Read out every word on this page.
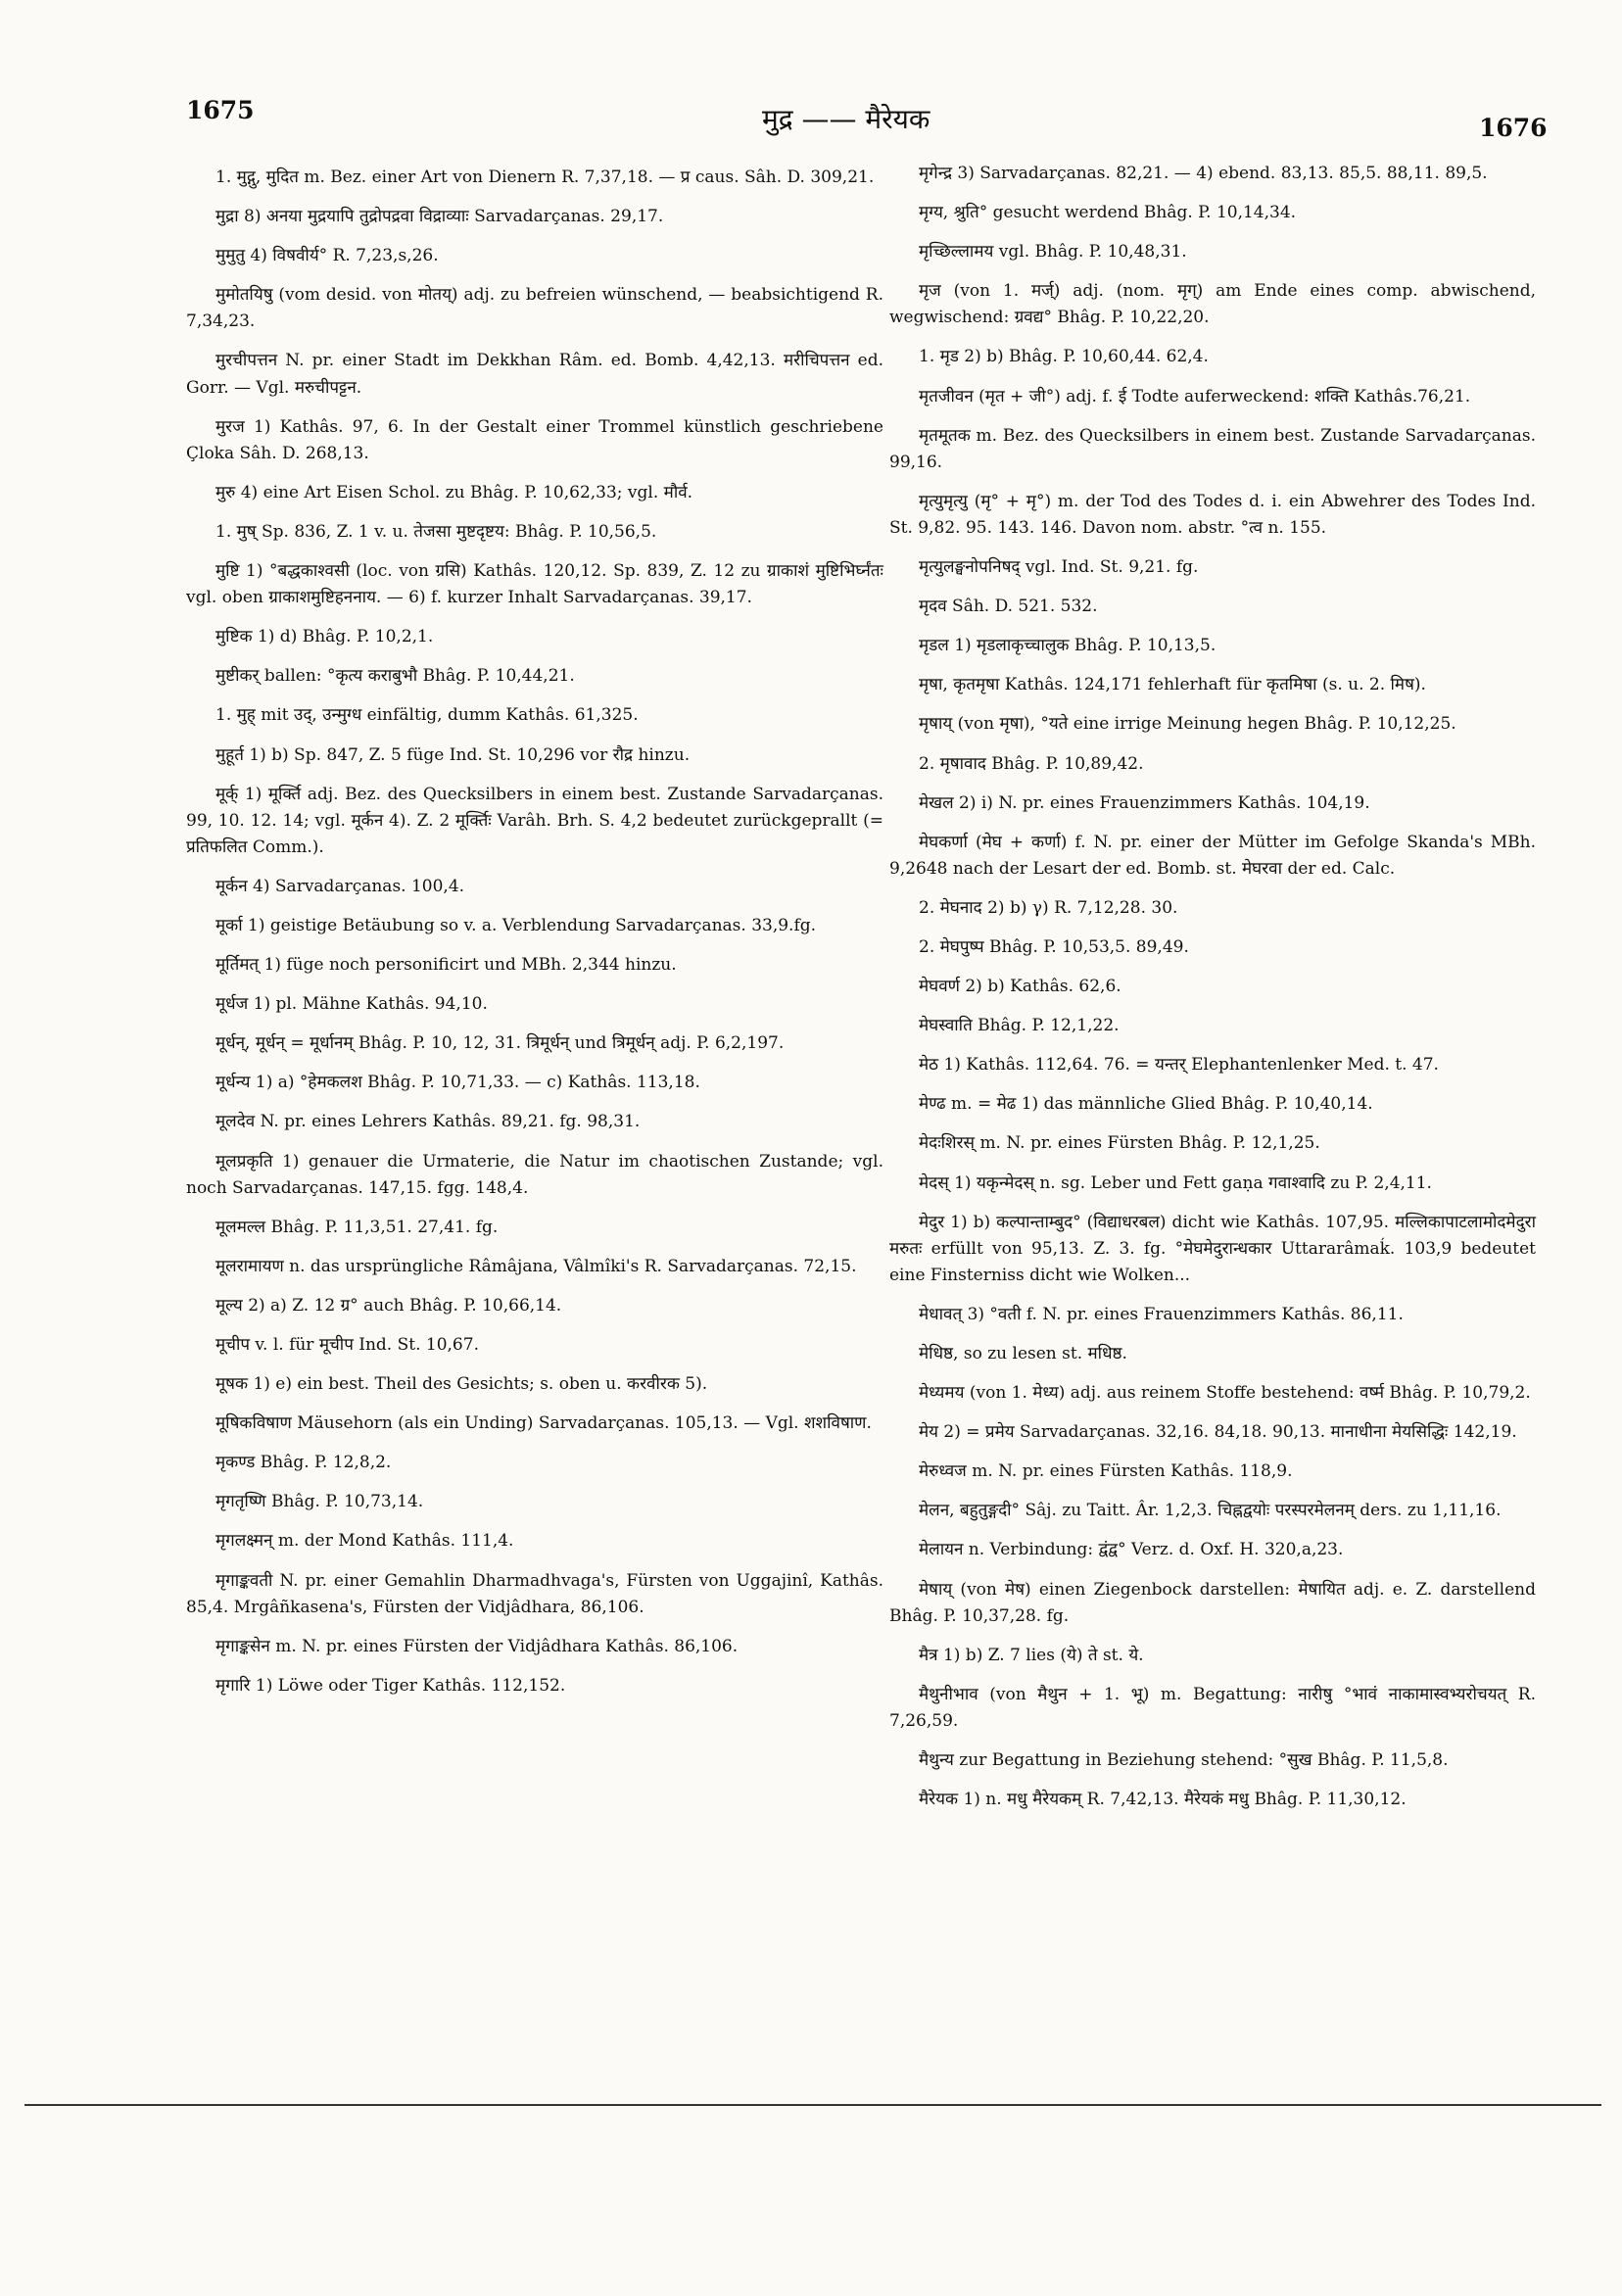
1675	मुद्र —— मैरेयक	1676
1. मुद्गु, मुदित m. Bez. einer Art von Dienern R. 7,37,18. — प्र caus. Sâh. D. 309,21.
मुद्रा 8) अनया मुद्रयापि तुद्रोपद्रवा विद्राव्याः Sarvadarçanas. 29,17.
मुमुतु 4) विषवीर्य° R. 7,23,s,26.
मुमोतयिषु (vom desid. von मोतय्) adj. zu befreien wünschend, — beabsichtigend R. 7,34,23.
मुरचीपत्तन N. pr. einer Stadt im Dekkhan Râm. ed. Bomb. 4,42,13. मरीचिपत्तन ed. Gorr. — Vgl. मरुचीपट्टन.
मुरज 1) Kathâs. 97, 6. In der Gestalt einer Trommel künstlich geschriebene Çloka Sâh. D. 268,13.
मुरु 4) eine Art Eisen Schol. zu Bhâg. P. 10,62,33; vgl. मौर्व.
1. मुष् Sp. 836, Z. 1 v. u. तेजसा मुष्टदृष्टय: Bhâg. P. 10,56,5.
मुष्टि 1) °बद्धकाश्वसी (loc. von ग्रसि) Kathâs. 120,12. Sp. 839, Z. 12 zu ग्राकाशं मुष्टिभिर्घ्नंतः vgl. oben ग्राकाशमुष्टिहननाय. — 6) f. kurzer Inhalt Sarvadarçanas. 39,17.
मुष्टिक 1) d) Bhâg. P. 10,2,1.
मुष्टीकर् ballen: °कृत्य कराबुभौ Bhâg. P. 10,44,21.
1. मुह् mit उद्, उन्मुग्ध einfältig, dumm Kathâs. 61,325.
मुहूर्त 1) b) Sp. 847, Z. 5 füge Ind. St. 10,296 vor रौद्र hinzu.
मूर्क् 1) मूर्क्ति adj. Bez. des Quecksilbers in einem best. Zustande Sarvadarçanas. 99, 10. 12. 14; vgl. मूर्कन 4). Z. 2 मूर्क्तिः Varâh. Brh. S. 4,2 bedeutet zurückgeprallt (= प्रतिफलित Comm.).
मूर्कन 4) Sarvadarçanas. 100,4.
मूर्का 1) geistige Betäubung so v. a. Verblendung Sarvadarçanas. 33,9.fg.
मूर्तिमत् 1) füge noch personificirt und MBh. 2,344 hinzu.
मूर्धज 1) pl. Mähne Kathâs. 94,10.
मूर्धन्, मूर्धन् = मूर्धानम् Bhâg. P. 10, 12, 31. त्रिमूर्धन् und त्रिमूर्धन् adj. P. 6,2,197.
मूर्धन्य 1) a) °हेमकलश Bhâg. P. 10,71,33. — c) Kathâs. 113,18.
मूलदेव N. pr. eines Lehrers Kathâs. 89,21. fg. 98,31.
मूलप्रकृति 1) genauer die Urmaterie, die Natur im chaotischen Zustande; vgl. noch Sarvadarçanas. 147,15. fgg. 148,4.
मूलमल्ल Bhâg. P. 11,3,51. 27,41. fg.
मूलरामायण n. das ursprüngliche Râmâjana, Vâlmîki's R. Sarvadarçanas. 72,15.
मूल्य 2) a) Z. 12 ग्र° auch Bhâg. P. 10,66,14.
मूचीप v. l. für मूचीप Ind. St. 10,67.
मूषक 1) e) ein best. Theil des Gesichts; s. oben u. करवीरक 5).
मूषिकविषाण Mäusehorn (als ein Unding) Sarvadarçanas. 105,13. — Vgl. शशविषाण.
मृकण्ड Bhâg. P. 12,8,2.
मृगतृष्णि Bhâg. P. 10,73,14.
मृगलक्ष्मन् m. der Mond Kathâs. 111,4.
मृगाङ्कवती N. pr. einer Gemahlin Dharmadhvaga's, Fürsten von Uggajinî, Kathâs. 85,4. Mrgâñkasena's, Fürsten der Vidjâdhara, 86,106.
मृगाङ्कसेन m. N. pr. eines Fürsten der Vidjâdhara Kathâs. 86,106.
मृगारि 1) Löwe oder Tiger Kathâs. 112,152.
मृगेन्द्र 3) Sarvadarçanas. 82,21. — 4) ebend. 83,13. 85,5. 88,11. 89,5.
मृग्य, श्रुति° gesucht werdend Bhâg. P. 10,14,34.
मृच्छिल्लामय vgl. Bhâg. P. 10,48,31.
मृज (von 1. मर्ज्) adj. (nom. मृग्) am Ende eines comp. abwischend, wegwischend: ग्रवद्य° Bhâg. P. 10,22,20.
1. मृड 2) b) Bhâg. P. 10,60,44. 62,4.
मृतजीवन (मृत + जी°) adj. f. ई Todte auferweckend: शक्ति Kathâs.76,21.
मृतमूतक m. Bez. des Quecksilbers in einem best. Zustande Sarvadarçanas. 99,16.
मृत्युमृत्यु (मृ° + मृ°) m. der Tod des Todes d. i. ein Abwehrer des Todes Ind. St. 9,82. 95. 143. 146. Davon nom. abstr. °त्व n. 155.
मृत्युलङ्घनोपनिषद् vgl. Ind. St. 9,21. fg.
मृदव Sâh. D. 521. 532.
मृडल 1) मृडलाकृच्चालुक Bhâg. P. 10,13,5.
मृषा, कृतमृषा Kathâs. 124,171 fehlerhaft für कृतमिषा (s. u. 2. मिष).
मृषाय् (von मृषा), °यते eine irrige Meinung hegen Bhâg. P. 10,12,25.
2. मृषावाद Bhâg. P. 10,89,42.
मेखल 2) i) N. pr. eines Frauenzimmers Kathâs. 104,19.
मेघकर्णा (मेघ + कर्णा) f. N. pr. einer der Mütter im Gefolge Skanda's MBh. 9,2648 nach der Lesart der ed. Bomb. st. मेघरवा der ed. Calc.
2. मेघनाद 2) b) γ) R. 7,12,28. 30.
2. मेघपुष्प Bhâg. P. 10,53,5. 89,49.
मेघवर्ण 2) b) Kathâs. 62,6.
मेघस्वाति Bhâg. P. 12,1,22.
मेठ 1) Kathâs. 112,64. 76. = यन्तर् Elephantenlenker Med. t. 47.
मेण्ढ m. = मेढ 1) das männliche Glied Bhâg. P. 10,40,14.
मेदःशिरस् m. N. pr. eines Fürsten Bhâg. P. 12,1,25.
मेदस् 1) यकृन्मेदस् n. sg. Leber und Fett gaṇa गवाश्वादि zu P. 2,4,11.
मेदुर 1) b) कल्पान्ताम्बुद° (विद्याधरबल) dicht wie Kathâs. 107,95. मल्लिकापाटलामोदमेदुरा मरुतः erfüllt von 95,13. Z. 3. fg. °मेघमेदुरान्धकार Uttararâmaḱ. 103,9 bedeutet eine Finsterniss dicht wie Wolken...
मेधावत् 3) °वती f. N. pr. eines Frauenzimmers Kathâs. 86,11.
मेधिष्ठ, so zu lesen st. मधिष्ठ.
मेध्यमय (von 1. मेध्य) adj. aus reinem Stoffe bestehend: वर्ष्म Bhâg. P. 10,79,2.
मेय 2) = प्रमेय Sarvadarçanas. 32,16. 84,18. 90,13. मानाधीना मेयसिद्धिः 142,19.
मेरुध्वज m. N. pr. eines Fürsten Kathâs. 118,9.
मेलन, बहुतुङ्गदी° Sâj. zu Taitt. Âr. 1,2,3. चिह्नद्वयोः परस्परमेलनम् ders. zu 1,11,16.
मेलायन n. Verbindung: द्वंद्व° Verz. d. Oxf. H. 320,a,23.
मेषाय् (von मेष) einen Ziegenbock darstellen: मेषायित adj. e. Z. darstellend Bhâg. P. 10,37,28. fg.
मैत्र 1) b) Z. 7 lies (ये) ते st. ये.
मैथुनीभाव (von मैथुन + 1. भू) m. Begattung: नारीषु °भावं नाकामास्वभ्यरोचयत् R. 7,26,59.
मैथुन्य zur Begattung in Beziehung stehend: °सुख Bhâg. P. 11,5,8.
मैरेयक 1) n. मधु मैरेयकम् R. 7,42,13. मैरेयकं मधु Bhâg. P. 11,30,12.
